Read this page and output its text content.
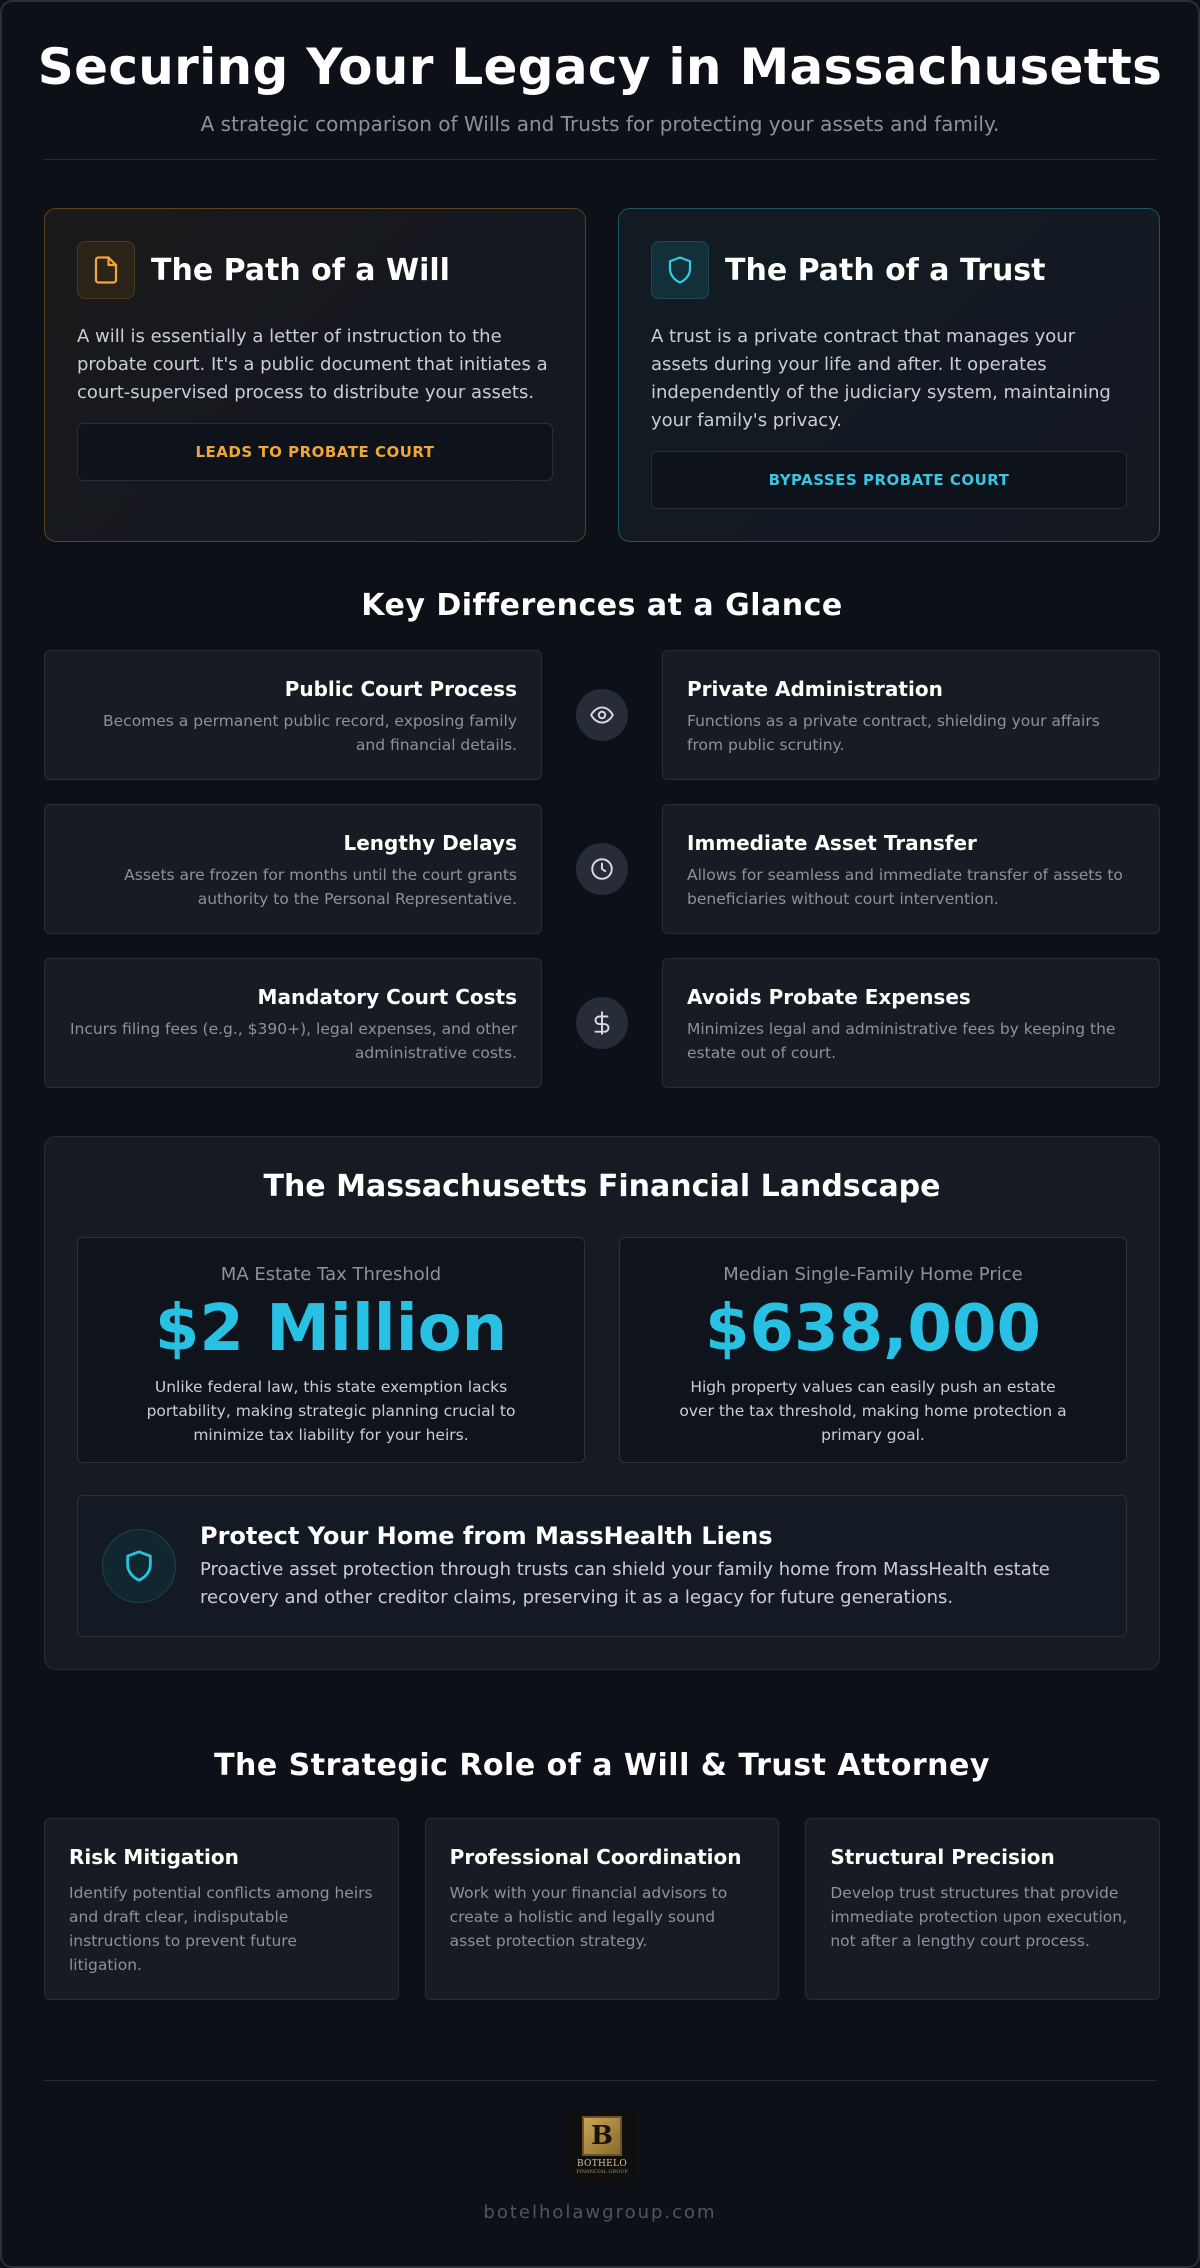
Securing Your Legacy in Massachusetts
A strategic comparison of Wills and Trusts for protecting your assets and family.
The Path of a Will
A will is essentially a letter of instruction to the probate court. It's a public document that initiates a court-supervised process to distribute your assets.
LEADS TO PROBATE COURT
The Path of a Trust
A trust is a private contract that manages your assets during your life and after. It operates independently of the judiciary system, maintaining your family's privacy.
BYPASSES PROBATE COURT
Key Differences at a Glance
Public Court Process
Becomes a permanent public record, exposing family and financial details.
Private Administration
Functions as a private contract, shielding your affairs from public scrutiny.
Lengthy Delays
Assets are frozen for months until the court grants authority to the Personal Representative.
Immediate Asset Transfer
Allows for seamless and immediate transfer of assets to beneficiaries without court intervention.
Mandatory Court Costs
Incurs filing fees (e.g., $390+), legal expenses, and other administrative costs.
Avoids Probate Expenses
Minimizes legal and administrative fees by keeping the estate out of court.
The Massachusetts Financial Landscape
MA Estate Tax Threshold
$2 Million
Unlike federal law, this state exemption lacks portability, making strategic planning crucial to minimize tax liability for your heirs.
Median Single-Family Home Price
$638,000
High property values can easily push an estate over the tax threshold, making home protection a primary goal.
Protect Your Home from MassHealth Liens
Proactive asset protection through trusts can shield your family home from MassHealth estate recovery and other creditor claims, preserving it as a legacy for future generations.
The Strategic Role of a Will & Trust Attorney
Risk Mitigation
Identify potential conflicts among heirs and draft clear, indisputable instructions to prevent future litigation.
Professional Coordination
Work with your financial advisors to create a holistic and legally sound asset protection strategy.
Structural Precision
Develop trust structures that provide immediate protection upon execution, not after a lengthy court process.
B
BOTHELO
FINANCIAL GROUP
botelholawgroup.com
